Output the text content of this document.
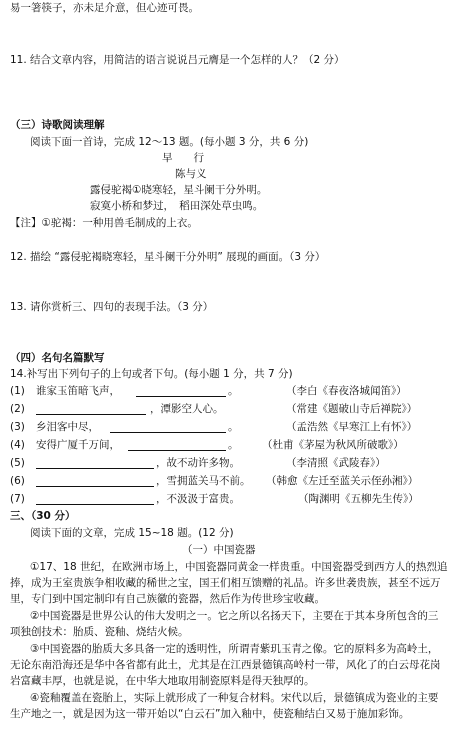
易一箸筷子，亦未足介意，但心迹可畏。
11. 结合文章内容，用简洁的语言说说吕元膺是一个怎样的人？（2 分）
（三）诗歌阅读理解
阅读下面一首诗，完成 12～13 题。(每小题 3 分，共 6 分)
早　　行
陈与义
露侵驼褐①晓寒轻，星斗阑干分外明。
寂寞小桥和梦过，　稻田深处草虫鸣。
【注】①驼褐：一种用兽毛制成的上衣。
12. 描绘 “露侵驼褐晓寒轻，星斗阑干分外明” 展现的画面。（3 分）
13. 请你赏析三、四句的表现手法。（3 分）
（四）名句名篇默写
14.补写出下列句子的上句或者下句。(每小题 1 分，共 7 分)
(1) 谁家玉笛暗飞声，	。	（李白《春夜洛城闻笛》）
(2)	，潭影空人心。	（常建《题破山寺后禅院》）
(3) 乡泪客中尽，	。	（孟浩然《早寒江上有怀》）
(4) 安得广厦千万间，	。 （杜甫《茅屋为秋风所破歌》）
(5)	，故不动许多物。	（李清照《武陵春》）
(6)	，雪拥蓝关马不前。 （韩愈《左迁至蓝关示侄孙湘》）
(7)	，不汲汲于富贵。	（陶渊明《五柳先生传》）
三、（30 分）
阅读下面的文章，完成 15~18 题。(12 分)
（一）中国瓷器
①17、18 世纪，在欧洲市场上，中国瓷器同黄金一样贵重。中国瓷器受到西方人的热烈追
捧，成为王室贵族争相收藏的稀世之宝，国王们相互馈赠的礼品。许多世袭贵族，甚至不远万
里，专门到中国定制印有自己族徽的瓷器，然后作为传世珍宝收藏。
②中国瓷器是世界公认的伟大发明之一。它之所以名扬天下，主要在于其本身所包含的三
项独创技术：胎质、瓷釉、烧结火候。
③中国瓷器的胎质大多具备一定的透明性，所谓青紫玑玉青之像。它的原料多为高岭土，
无论东南沿海还是华中各省都有此土，尤其是在江西景德镇高岭村一带，风化了的白云母花岗
岩富藏丰厚，也就是说，在中华大地取用制瓷原料是得天独厚的。
④瓷釉覆盖在瓷胎上，实际上就形成了一种复合材料。宋代以后，景德镇成为瓷业的主要
生产地之一，就是因为这一带开始以“白云石”加入釉中，使瓷釉结白又易于施加彩饰。
